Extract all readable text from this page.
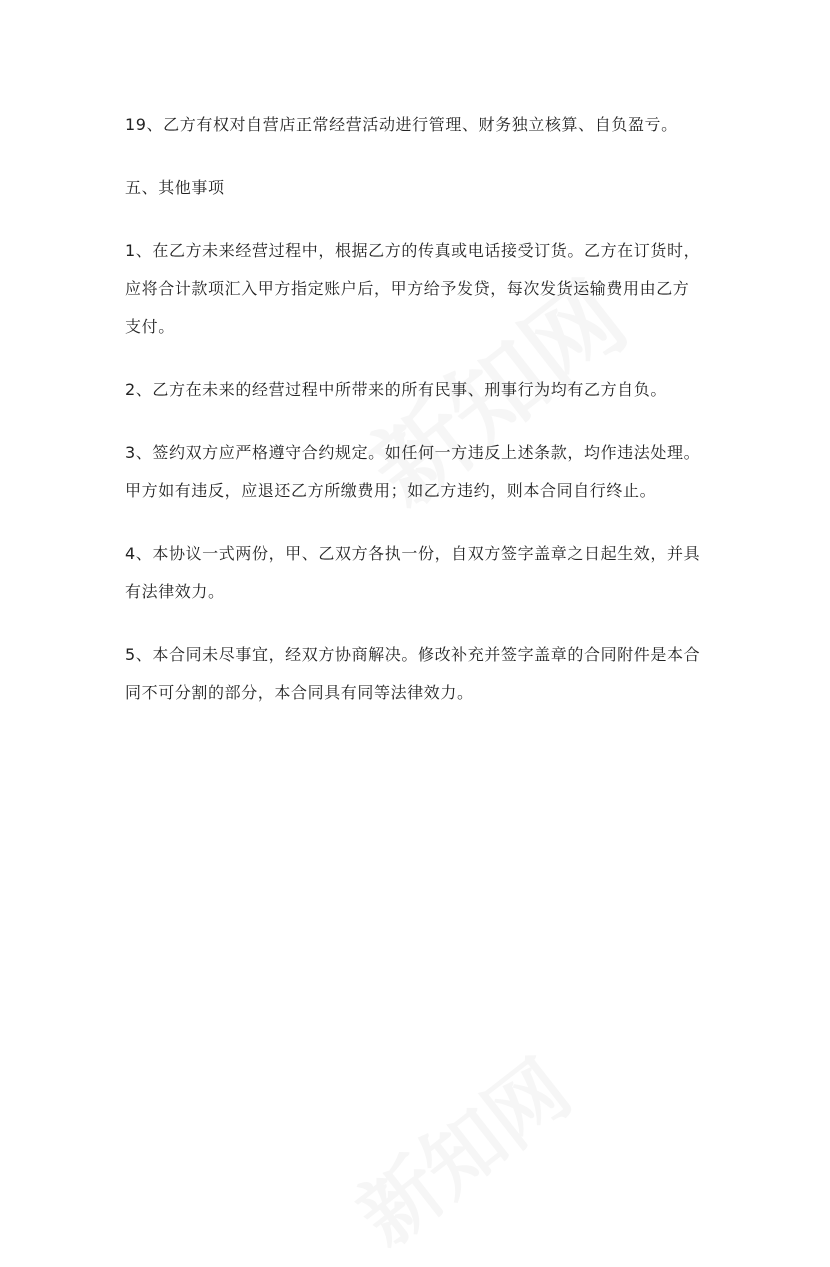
19、乙方有权对自营店正常经营活动进行管理、财务独立核算、自负盈亏。

五、其他事项

1、在乙方未来经营过程中，根据乙方的传真或电话接受订货。乙方在订货时，
应将合计款项汇入甲方指定账户后，甲方给予发贷，每次发货运输费用由乙方
支付。

2、乙方在未来的经营过程中所带来的所有民事、刑事行为均有乙方自负。

3、签约双方应严格遵守合约规定。如任何一方违反上述条款，均作违法处理。
甲方如有违反，应退还乙方所缴费用；如乙方违约，则本合同自行终止。

4、本协议一式两份，甲、乙双方各执一份，自双方签字盖章之日起生效，并具
有法律效力。

5、本合同未尽事宜，经双方协商解决。修改补充并签字盖章的合同附件是本合
同不可分割的部分，本合同具有同等法律效力。
